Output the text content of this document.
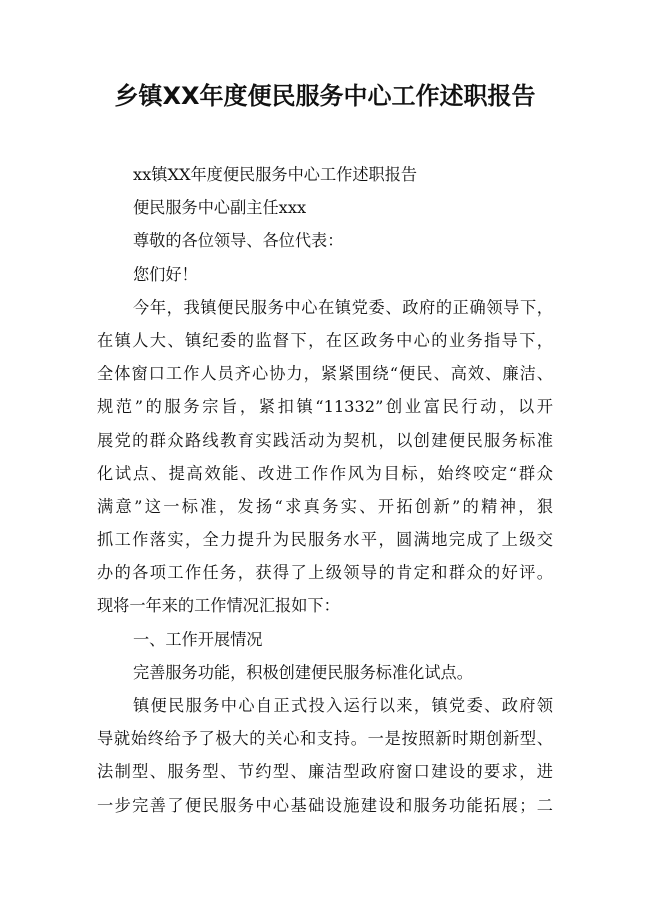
乡镇XX年度便民服务中心工作述职报告
xx镇XX年度便民服务中心工作述职报告
便民服务中心副主任xxx
尊敬的各位领导、各位代表：
您们好！
今年，我镇便民服务中心在镇党委、政府的正确领导下，
在镇人大、镇纪委的监督下，在区政务中心的业务指导下，
全体窗口工作人员齐心协力，紧紧围绕“便民、高效、廉洁、
规范”的服务宗旨，紧扣镇“11332”创业富民行动，以开
展党的群众路线教育实践活动为契机，以创建便民服务标准
化试点、提高效能、改进工作作风为目标，始终咬定“群众
满意”这一标准，发扬“求真务实、开拓创新”的精神，狠
抓工作落实，全力提升为民服务水平，圆满地完成了上级交
办的各项工作任务，获得了上级领导的肯定和群众的好评。
现将一年来的工作情况汇报如下：
一、工作开展情况
完善服务功能，积极创建便民服务标准化试点。
镇便民服务中心自正式投入运行以来，镇党委、政府领
导就始终给予了极大的关心和支持。一是按照新时期创新型、
法制型、服务型、节约型、廉洁型政府窗口建设的要求，进
一步完善了便民服务中心基础设施建设和服务功能拓展；二
